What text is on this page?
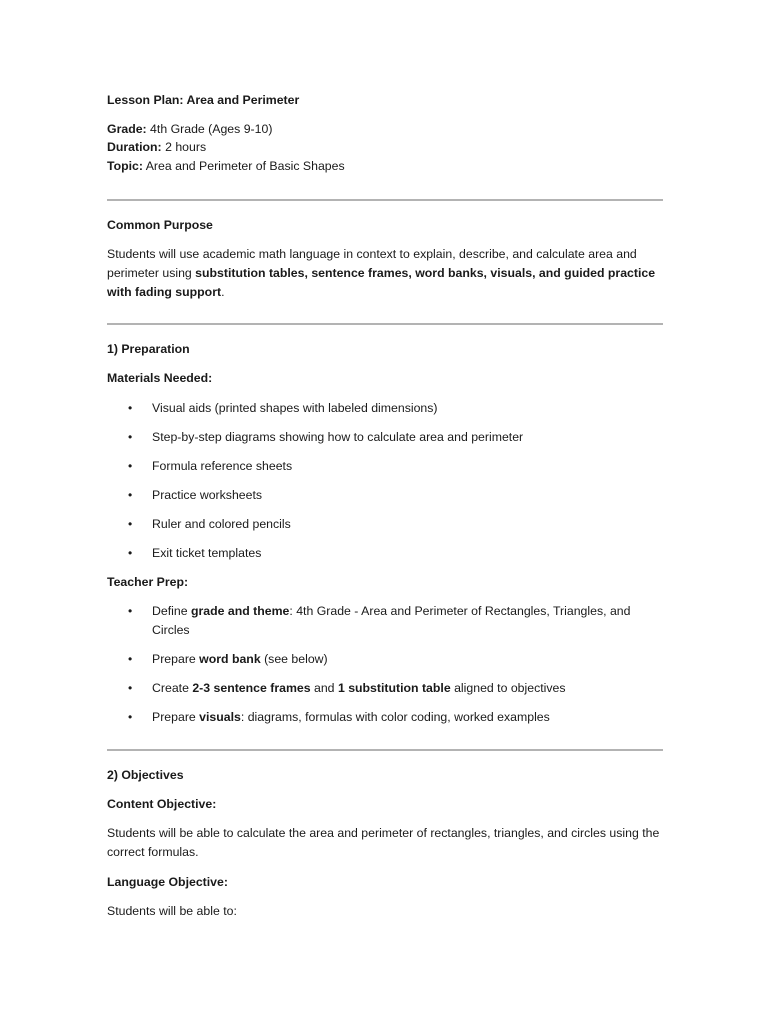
Lesson Plan: Area and Perimeter
Grade: 4th Grade (Ages 9-10)
Duration: 2 hours
Topic: Area and Perimeter of Basic Shapes
Common Purpose
Students will use academic math language in context to explain, describe, and calculate area and perimeter using substitution tables, sentence frames, word banks, visuals, and guided practice with fading support.
1) Preparation
Materials Needed:
• Visual aids (printed shapes with labeled dimensions)
• Step-by-step diagrams showing how to calculate area and perimeter
• Formula reference sheets
• Practice worksheets
• Ruler and colored pencils
• Exit ticket templates
Teacher Prep:
• Define grade and theme: 4th Grade - Area and Perimeter of Rectangles, Triangles, and Circles
• Prepare word bank (see below)
• Create 2-3 sentence frames and 1 substitution table aligned to objectives
• Prepare visuals: diagrams, formulas with color coding, worked examples
2) Objectives
Content Objective:
Students will be able to calculate the area and perimeter of rectangles, triangles, and circles using the correct formulas.
Language Objective:
Students will be able to:
